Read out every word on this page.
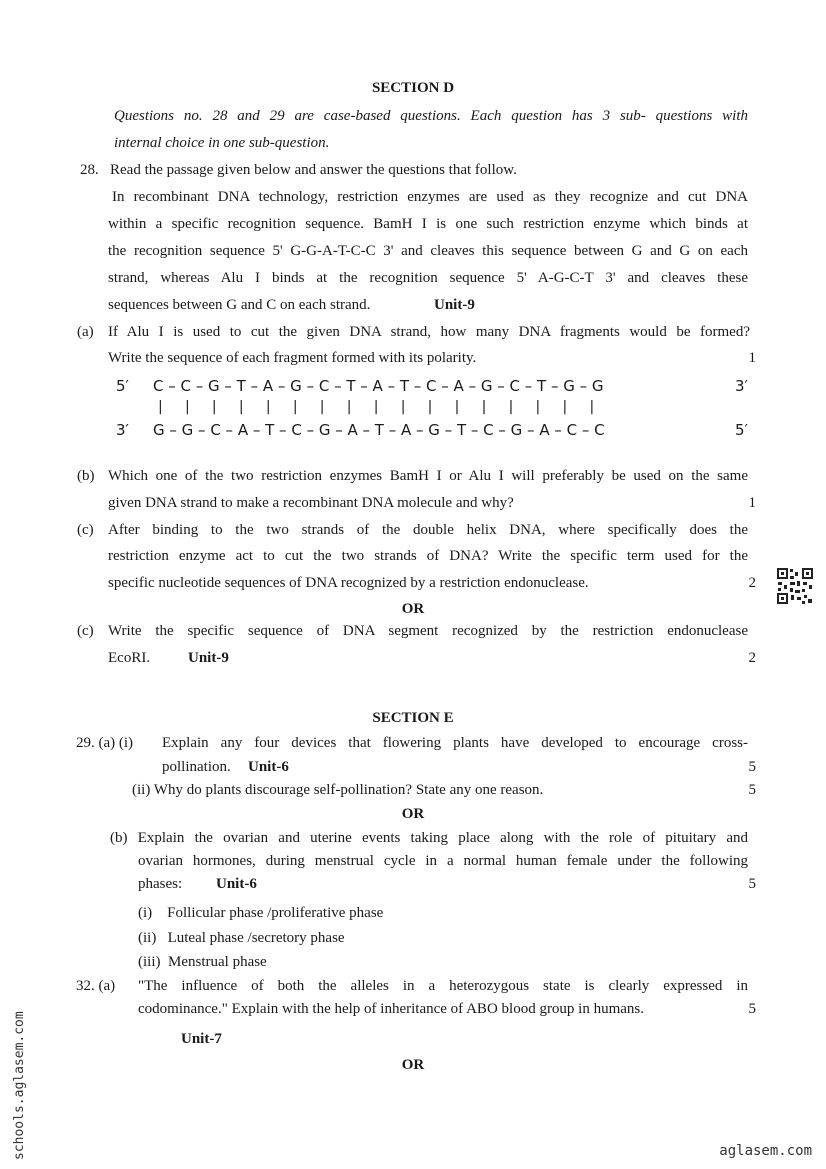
SECTION D
Questions no. 28 and 29 are case-based questions. Each question has 3 sub- questions with
internal choice in one sub-question.
28. Read the passage given below and answer the questions that follow.
In recombinant DNA technology, restriction enzymes are used as they recognize and cut DNA
within a specific recognition sequence. BamH I is one such restriction enzyme which binds at
the recognition sequence 5' G-G-A-T-C-C 3' and cleaves this sequence between G and G on each
strand, whereas Alu I binds at the recognition sequence 5' A-G-C-T 3' and cleaves these
sequences between G and C on each strand.	Unit-9
(a) If Alu I is used to cut the given DNA strand, how many DNA fragments would be formed?
Write the sequence of each fragment formed with its polarity.	1
5′ C – C – G – T – A – G – C – T – A – T – C – A – G – C – T – G – G	3′
|     |     |     |     |     |     |     |     |     |     |     |     |     |     |     |     |
3′ G – G – C – A – T – C – G – A – T – A – G – T – C – G – A – C – C	5′
(b) Which one of the two restriction enzymes BamH I or Alu I will preferably be used on the same
given DNA strand to make a recombinant DNA molecule and why?	1
(c) After binding to the two strands of the double helix DNA, where specifically does the
restriction enzyme act to cut the two strands of DNA? Write the specific term used for the
specific nucleotide sequences of DNA recognized by a restriction endonuclease.	2
OR
(c) Write the specific sequence of DNA segment recognized by the restriction endonuclease
EcoRI.	Unit-9	2
SECTION E
29. (a) (i) Explain any four devices that flowering plants have developed to encourage cross-
pollination. Unit-6	5
(ii) Why do plants discourage self-pollination? State any one reason.	5
OR
(b) Explain the ovarian and uterine events taking place along with the role of pituitary and
ovarian hormones, during menstrual cycle in a normal human female under the following
phases: Unit-6	5
(i)    Follicular phase /proliferative phase
(ii)   Luteal phase /secretory phase
(iii)  Menstrual phase
32. (a) "The influence of both the alleles in a heterozygous state is clearly expressed in
codominance." Explain with the help of inheritance of ABO blood group in humans.	5
Unit-7
OR
schools.aglasem.com	aglasem.com
